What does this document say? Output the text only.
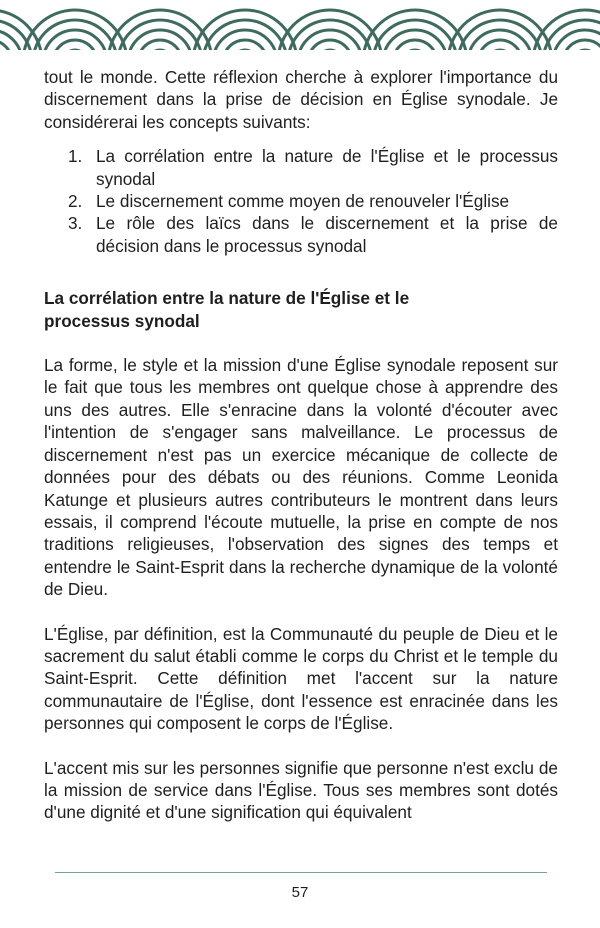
tout le monde. Cette réflexion cherche à explorer l'importance du discernement dans la prise de décision en Église synodale. Je considérerai les concepts suivants:

1. La corrélation entre la nature de l'Église et le processus synodal
2. Le discernement comme moyen de renouveler l'Église
3. Le rôle des laïcs dans le discernement et la prise de décision dans le processus synodal

La corrélation entre la nature de l'Église et le processus synodal

La forme, le style et la mission d'une Église synodale reposent sur le fait que tous les membres ont quelque chose à apprendre des uns des autres. Elle s'enracine dans la volonté d'écouter avec l'intention de s'engager sans malveillance. Le processus de discernement n'est pas un exercice mécanique de collecte de données pour des débats ou des réunions. Comme Leonida Katunge et plusieurs autres contributeurs le montrent dans leurs essais, il comprend l'écoute mutuelle, la prise en compte de nos traditions religieuses, l'observation des signes des temps et entendre le Saint-Esprit dans la recherche dynamique de la volonté de Dieu.

L'Église, par définition, est la Communauté du peuple de Dieu et le sacrement du salut établi comme le corps du Christ et le temple du Saint-Esprit. Cette définition met l'accent sur la nature communautaire de l'Église, dont l'essence est enracinée dans les personnes qui composent le corps de l'Église.

L'accent mis sur les personnes signifie que personne n'est exclu de la mission de service dans l'Église. Tous ses membres sont dotés d'une dignité et d'une signification qui équivalent

57
